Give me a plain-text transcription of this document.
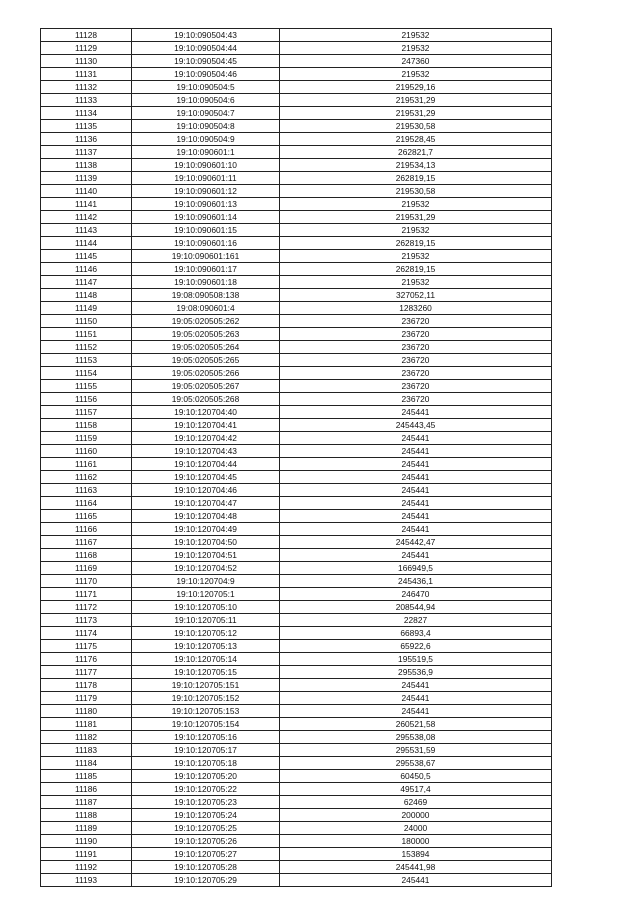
11128	19:10:090504:43	219532
11129	19:10:090504:44	219532
11130	19:10:090504:45	247360
11131	19:10:090504:46	219532
11132	19:10:090504:5	219529,16
11133	19:10:090504:6	219531,29
11134	19:10:090504:7	219531,29
11135	19:10:090504:8	219530,58
11136	19:10:090504:9	219528,45
11137	19:10:090601:1	262821,7
11138	19:10:090601:10	219534,13
11139	19:10:090601:11	262819,15
11140	19:10:090601:12	219530,58
11141	19:10:090601:13	219532
11142	19:10:090601:14	219531,29
11143	19:10:090601:15	219532
11144	19:10:090601:16	262819,15
11145	19:10:090601:161	219532
11146	19:10:090601:17	262819,15
11147	19:10:090601:18	219532
11148	19:08:090508:138	327052,11
11149	19:08:090601:4	1283260
11150	19:05:020505:262	236720
11151	19:05:020505:263	236720
11152	19:05:020505:264	236720
11153	19:05:020505:265	236720
11154	19:05:020505:266	236720
11155	19:05:020505:267	236720
11156	19:05:020505:268	236720
11157	19:10:120704:40	245441
11158	19:10:120704:41	245443,45
11159	19:10:120704:42	245441
11160	19:10:120704:43	245441
11161	19:10:120704:44	245441
11162	19:10:120704:45	245441
11163	19:10:120704:46	245441
11164	19:10:120704:47	245441
11165	19:10:120704:48	245441
11166	19:10:120704:49	245441
11167	19:10:120704:50	245442,47
11168	19:10:120704:51	245441
11169	19:10:120704:52	166949,5
11170	19:10:120704:9	245436,1
11171	19:10:120705:1	246470
11172	19:10:120705:10	208544,94
11173	19:10:120705:11	22827
11174	19:10:120705:12	66893,4
11175	19:10:120705:13	65922,6
11176	19:10:120705:14	195519,5
11177	19:10:120705:15	295536,9
11178	19:10:120705:151	245441
11179	19:10:120705:152	245441
11180	19:10:120705:153	245441
11181	19:10:120705:154	260521,58
11182	19:10:120705:16	295538,08
11183	19:10:120705:17	295531,59
11184	19:10:120705:18	295538,67
11185	19:10:120705:20	60450,5
11186	19:10:120705:22	49517,4
11187	19:10:120705:23	62469
11188	19:10:120705:24	200000
11189	19:10:120705:25	24000
11190	19:10:120705:26	180000
11191	19:10:120705:27	153894
11192	19:10:120705:28	245441,98
11193	19:10:120705:29	245441
